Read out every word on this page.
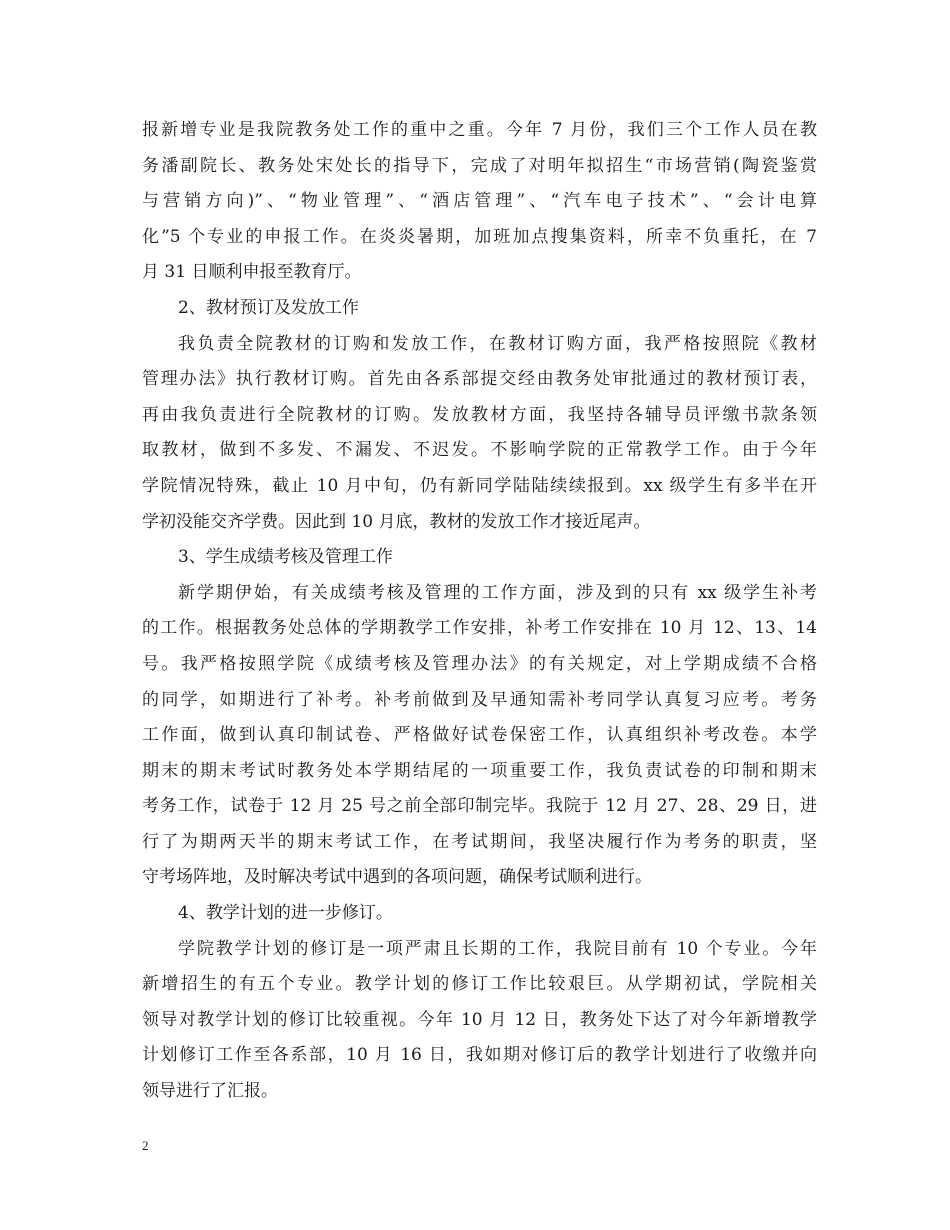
报新增专业是我院教务处工作的重中之重。今年 7 月份，我们三个工作人员在教
务潘副院长、教务处宋处长的指导下，完成了对明年拟招生“市场营销(陶瓷鉴赏
与营销方向)”、“物业管理”、“酒店管理”、“汽车电子技术”、“会计电算
化”5 个专业的申报工作。在炎炎暑期，加班加点搜集资料，所幸不负重托，在 7
月 31 日顺利申报至教育厅。
2、教材预订及发放工作
我负责全院教材的订购和发放工作，在教材订购方面，我严格按照院《教材
管理办法》执行教材订购。首先由各系部提交经由教务处审批通过的教材预订表，
再由我负责进行全院教材的订购。发放教材方面，我坚持各辅导员评缴书款条领
取教材，做到不多发、不漏发、不迟发。不影响学院的正常教学工作。由于今年
学院情况特殊，截止 10 月中旬，仍有新同学陆陆续续报到。xx 级学生有多半在开
学初没能交齐学费。因此到 10 月底，教材的发放工作才接近尾声。
3、学生成绩考核及管理工作
新学期伊始，有关成绩考核及管理的工作方面，涉及到的只有 xx 级学生补考
的工作。根据教务处总体的学期教学工作安排，补考工作安排在 10 月 12、13、14
号。我严格按照学院《成绩考核及管理办法》的有关规定，对上学期成绩不合格
的同学，如期进行了补考。补考前做到及早通知需补考同学认真复习应考。考务
工作面，做到认真印制试卷、严格做好试卷保密工作，认真组织补考改卷。本学
期末的期末考试时教务处本学期结尾的一项重要工作，我负责试卷的印制和期末
考务工作，试卷于 12 月 25 号之前全部印制完毕。我院于 12 月 27、28、29 日，进
行了为期两天半的期末考试工作，在考试期间，我坚决履行作为考务的职责，坚
守考场阵地，及时解决考试中遇到的各项问题，确保考试顺利进行。
4、教学计划的进一步修订。
学院教学计划的修订是一项严肃且长期的工作，我院目前有 10 个专业。今年
新增招生的有五个专业。教学计划的修订工作比较艰巨。从学期初试，学院相关
领导对教学计划的修订比较重视。今年 10 月 12 日，教务处下达了对今年新增教学
计划修订工作至各系部，10 月 16 日，我如期对修订后的教学计划进行了收缴并向
领导进行了汇报。
2
